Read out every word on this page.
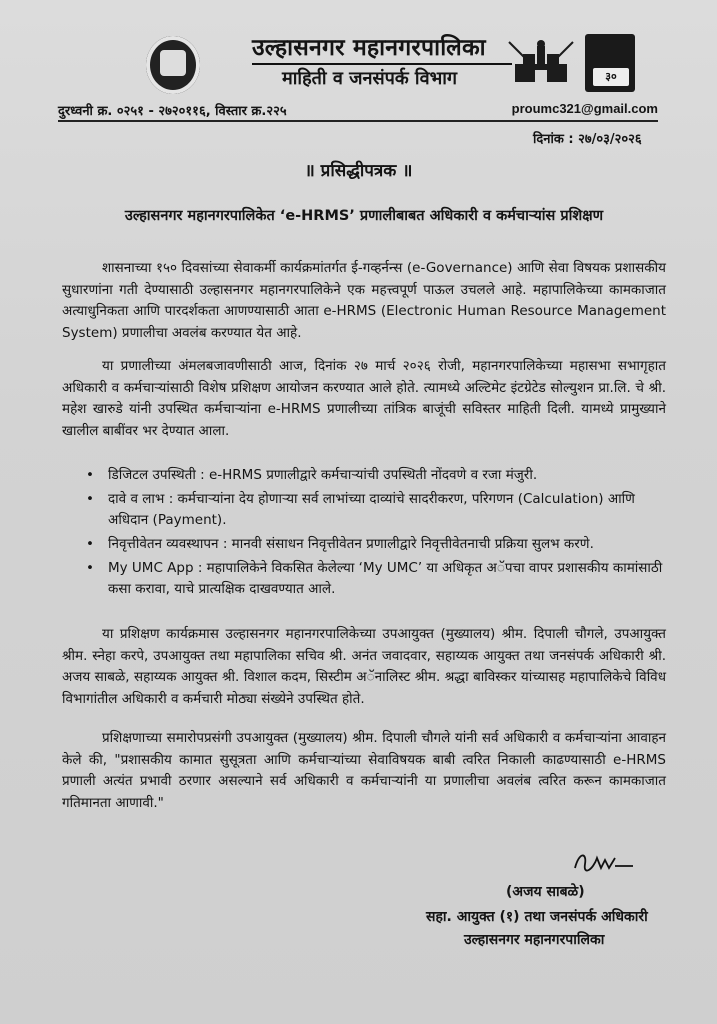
उल्हासनगर महानगरपालिका
माहिती व जनसंपर्क विभाग	३०
दुरध्वनी क्र. ०२५१ - २७२०११६, विस्तार क्र.२२५	proumc321@gmail.com
दिनांक : २७/०३/२०२६
॥ प्रसिद्धीपत्रक ॥
उल्हासनगर महानगरपालिकेत ‘e-HRMS’ प्रणालीबाबत अधिकारी व कर्मचाऱ्यांस प्रशिक्षण
शासनाच्या १५० दिवसांच्या सेवाकर्मी कार्यक्रमांतर्गत ई-गव्हर्नन्स (e-Governance) आणि सेवा विषयक प्रशासकीय सुधारणांना गती देण्यासाठी उल्हासनगर महानगरपालिकेने एक महत्त्वपूर्ण पाऊल उचलले आहे. महापालिकेच्या कामकाजात अत्याधुनिकता आणि पारदर्शकता आणण्यासाठी आता e-HRMS (Electronic Human Resource Management System) प्रणालीचा अवलंब करण्यात येत आहे.
या प्रणालीच्या अंमलबजावणीसाठी आज, दिनांक २७ मार्च २०२६ रोजी, महानगरपालिकेच्या महासभा सभागृहात अधिकारी व कर्मचाऱ्यांसाठी विशेष प्रशिक्षण आयोजन करण्यात आले होते. त्यामध्ये अल्टिमेट इंटग्रेटेड सोल्युशन प्रा.लि. चे श्री. महेश खारुडे यांनी उपस्थित कर्मचाऱ्यांना e-HRMS प्रणालीच्या तांत्रिक बाजूंची सविस्तर माहिती दिली. यामध्ये प्रामुख्याने खालील बाबींवर भर देण्यात आला.
• डिजिटल उपस्थिती : e-HRMS प्रणालीद्वारे कर्मचाऱ्यांची उपस्थिती नोंदवणे व रजा मंजुरी.
• दावे व लाभ : कर्मचाऱ्यांना देय होणाऱ्या सर्व लाभांच्या दाव्यांचे सादरीकरण, परिगणन (Calculation) आणि अधिदान (Payment).
• निवृत्तीवेतन व्यवस्थापन : मानवी संसाधन निवृत्तीवेतन प्रणालीद्वारे निवृत्तीवेतनाची प्रक्रिया सुलभ करणे.
• My UMC App : महापालिकेने विकसित केलेल्या ‘My UMC’ या अधिकृत अॅपचा वापर प्रशासकीय कामांसाठी कसा करावा, याचे प्रात्यक्षिक दाखवण्यात आले.
या प्रशिक्षण कार्यक्रमास उल्हासनगर महानगरपालिकेच्या उपआयुक्त (मुख्यालय) श्रीम. दिपाली चौगले, उपआयुक्त श्रीम. स्नेहा करपे, उपआयुक्त तथा महापालिका सचिव श्री. अनंत जवादवार, सहाय्यक आयुक्त तथा जनसंपर्क अधिकारी श्री. अजय साबळे, सहाय्यक आयुक्त श्री. विशाल कदम, सिस्टीम अॅनालिस्ट श्रीम. श्रद्धा बाविस्कर यांच्यासह महापालिकेचे विविध विभागांतील अधिकारी व कर्मचारी मोठ्या संख्येने उपस्थित होते.
प्रशिक्षणाच्या समारोपप्रसंगी उपआयुक्त (मुख्यालय) श्रीम. दिपाली चौगले यांनी सर्व अधिकारी व कर्मचाऱ्यांना आवाहन केले की, "प्रशासकीय कामात सुसूत्रता आणि कर्मचाऱ्यांच्या सेवाविषयक बाबी त्वरित निकाली काढण्यासाठी e-HRMS प्रणाली अत्यंत प्रभावी ठरणार असल्याने सर्व अधिकारी व कर्मचाऱ्यांनी या प्रणालीचा अवलंब त्वरित करून कामकाजात गतिमानता आणावी."
(अजय साबळे)
सहा. आयुक्त (१) तथा जनसंपर्क अधिकारी
उल्हासनगर महानगरपालिका
